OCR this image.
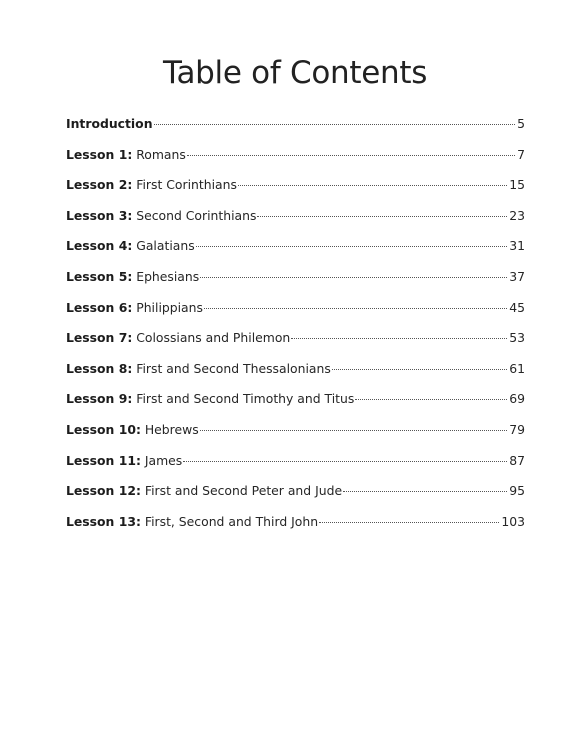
Table of Contents
Introduction	5
Lesson 1: Romans	7
Lesson 2: First Corinthians	15
Lesson 3: Second Corinthians	23
Lesson 4: Galatians	31
Lesson 5: Ephesians	37
Lesson 6: Philippians	45
Lesson 7: Colossians and Philemon	53
Lesson 8: First and Second Thessalonians	61
Lesson 9: First and Second Timothy and Titus	69
Lesson 10: Hebrews	79
Lesson 11: James	87
Lesson 12: First and Second Peter and Jude	95
Lesson 13: First, Second and Third John	103
